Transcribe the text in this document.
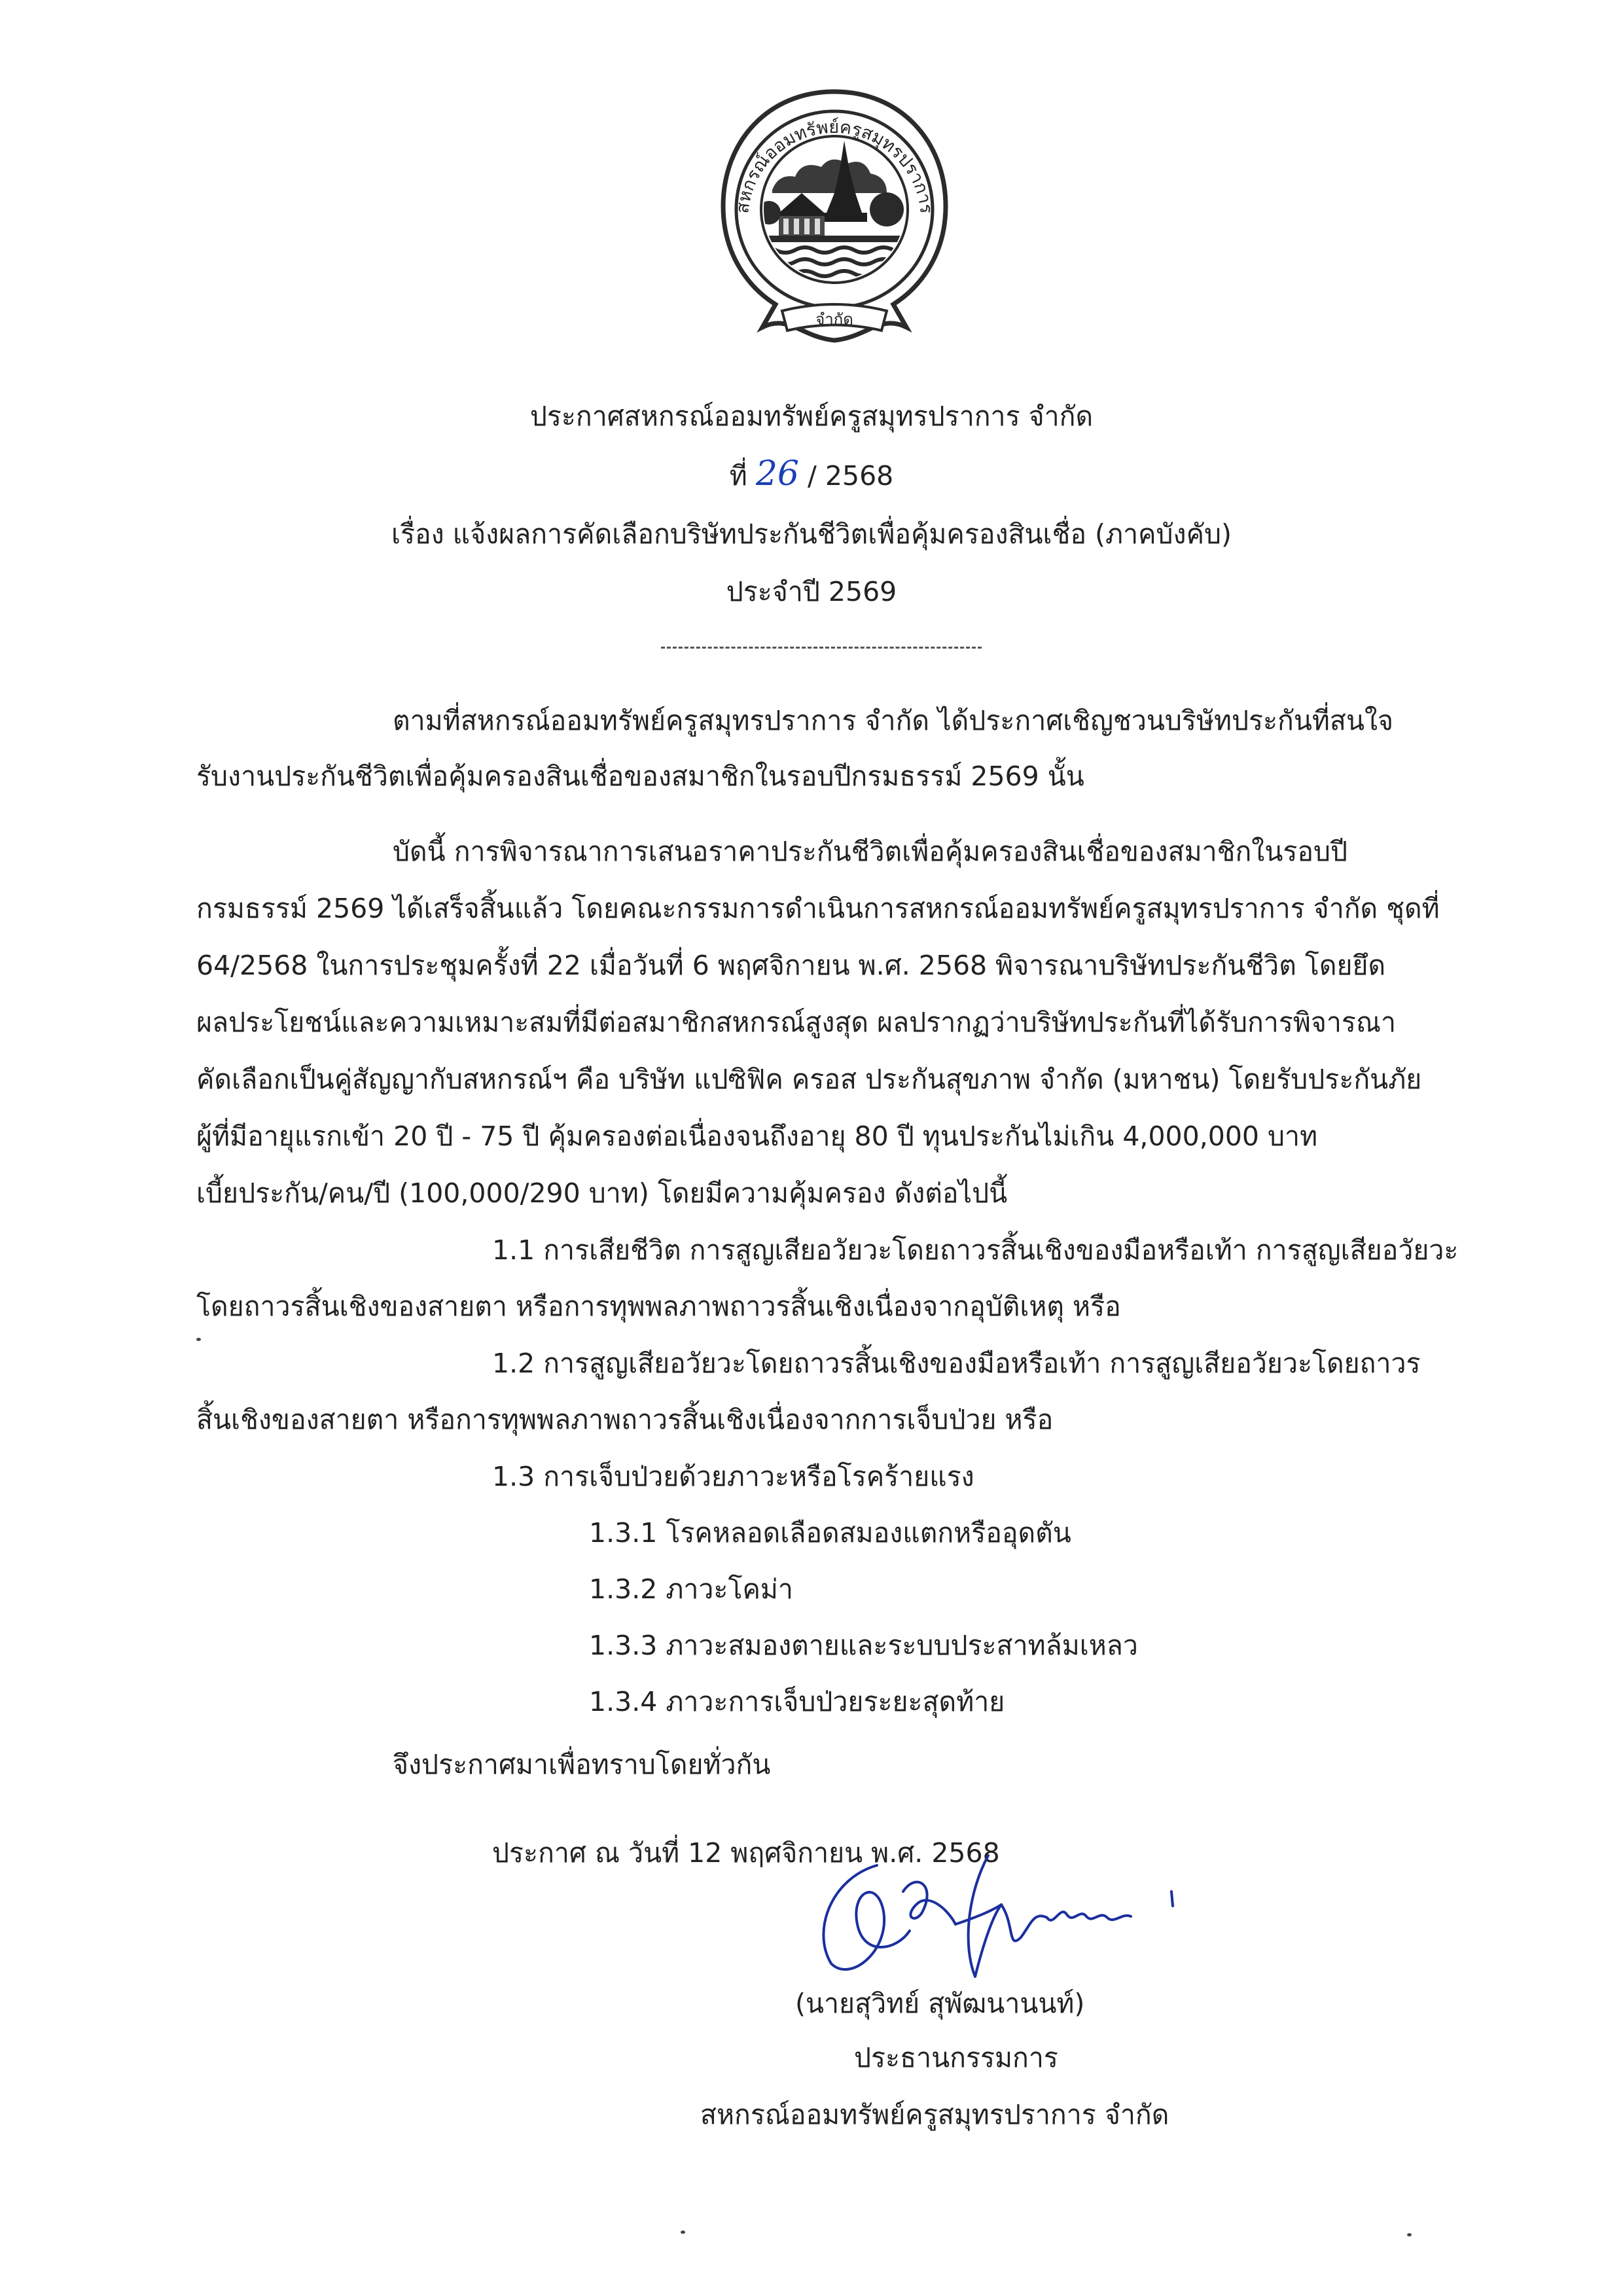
สหกรณ์ออมทรัพย์ครูสมุทรปราการ
จำกัด
ประกาศสหกรณ์ออมทรัพย์ครูสมุทรปราการ จำกัด
ที่ 26 / 2568
เรื่อง แจ้งผลการคัดเลือกบริษัทประกันชีวิตเพื่อคุ้มครองสินเชื่อ (ภาคบังคับ)
ประจำปี 2569
ตามที่สหกรณ์ออมทรัพย์ครูสมุทรปราการ จำกัด ได้ประกาศเชิญชวนบริษัทประกันที่สนใจ
รับงานประกันชีวิตเพื่อคุ้มครองสินเชื่อของสมาชิกในรอบปีกรมธรรม์ 2569 นั้น
บัดนี้ การพิจารณาการเสนอราคาประกันชีวิตเพื่อคุ้มครองสินเชื่อของสมาชิกในรอบปี
กรมธรรม์ 2569 ได้เสร็จสิ้นแล้ว โดยคณะกรรมการดำเนินการสหกรณ์ออมทรัพย์ครูสมุทรปราการ จำกัด ชุดที่
64/2568 ในการประชุมครั้งที่ 22 เมื่อวันที่ 6 พฤศจิกายน พ.ศ. 2568 พิจารณาบริษัทประกันชีวิต โดยยึด
ผลประโยชน์และความเหมาะสมที่มีต่อสมาชิกสหกรณ์สูงสุด ผลปรากฏว่าบริษัทประกันที่ได้รับการพิจารณา
คัดเลือกเป็นคู่สัญญากับสหกรณ์ฯ คือ บริษัท แปซิฟิค ครอส ประกันสุขภาพ จำกัด (มหาชน) โดยรับประกันภัย
ผู้ที่มีอายุแรกเข้า 20 ปี - 75 ปี คุ้มครองต่อเนื่องจนถึงอายุ 80 ปี ทุนประกันไม่เกิน 4,000,000 บาท
เบี้ยประกัน/คน/ปี (100,000/290 บาท) โดยมีความคุ้มครอง ดังต่อไปนี้
1.1 การเสียชีวิต การสูญเสียอวัยวะโดยถาวรสิ้นเชิงของมือหรือเท้า การสูญเสียอวัยวะ
โดยถาวรสิ้นเชิงของสายตา หรือการทุพพลภาพถาวรสิ้นเชิงเนื่องจากอุบัติเหตุ หรือ
1.2 การสูญเสียอวัยวะโดยถาวรสิ้นเชิงของมือหรือเท้า การสูญเสียอวัยวะโดยถาวร
สิ้นเชิงของสายตา หรือการทุพพลภาพถาวรสิ้นเชิงเนื่องจากการเจ็บป่วย หรือ
1.3 การเจ็บป่วยด้วยภาวะหรือโรคร้ายแรง
1.3.1 โรคหลอดเลือดสมองแตกหรืออุดตัน
1.3.2 ภาวะโคม่า
1.3.3 ภาวะสมองตายและระบบประสาทล้มเหลว
1.3.4 ภาวะการเจ็บป่วยระยะสุดท้าย
จึงประกาศมาเพื่อทราบโดยทั่วกัน
ประกาศ ณ วันที่ 12 พฤศจิกายน พ.ศ. 2568
(นายสุวิทย์ สุพัฒนานนท์)
ประธานกรรมการ
สหกรณ์ออมทรัพย์ครูสมุทรปราการ จำกัด
